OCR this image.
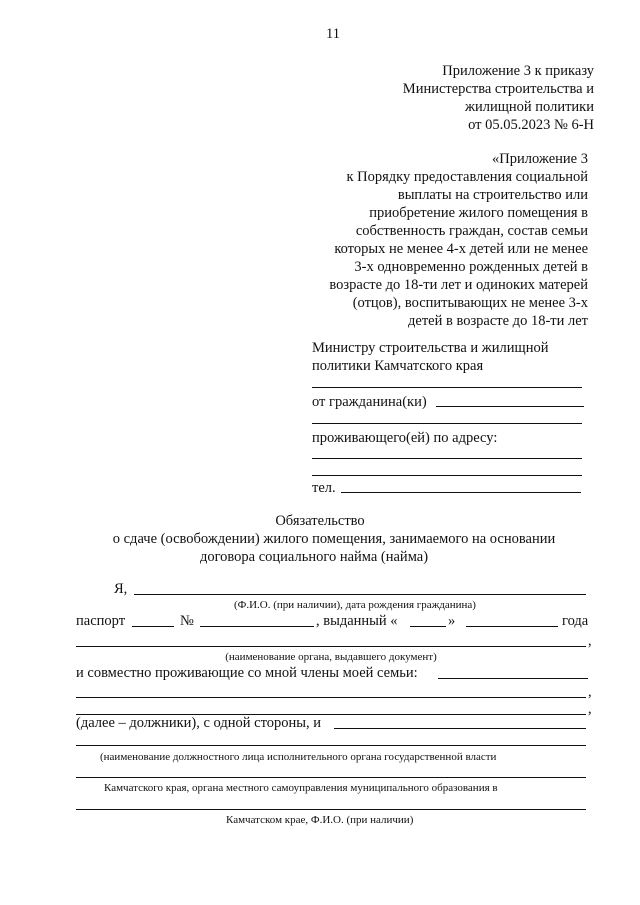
11
Приложение 3 к приказу
Министерства строительства и
жилищной политики
от 05.05.2023 № 6-Н
«Приложение 3
к Порядку предоставления социальной
выплаты на строительство или
приобретение жилого помещения в
собственность граждан, состав семьи
которых не менее 4-х детей или не менее
3-х одновременно рожденных детей в
возрасте до 18-ти лет и одиноких матерей
(отцов), воспитывающих не менее 3-х
детей в возрасте до 18-ти лет
Министру строительства и жилищной
политики Камчатского края
от гражданина(ки)
проживающего(ей) по адресу:
тел.
Обязательство
о сдаче (освобождении) жилого помещения, занимаемого на основании
договора социального найма (найма)
Я,
(Ф.И.О. (при наличии), дата рождения гражданина)
паспорт	№	, выданный «	»	года
,
(наименование органа, выдавшего документ)
и совместно проживающие со мной члены моей семьи:
,
,
(далее – должники), с одной стороны, и
(наименование должностного лица исполнительного органа государственной власти
Камчатского края, органа местного самоуправления муниципального образования в
Камчатском крае, Ф.И.О. (при наличии)
